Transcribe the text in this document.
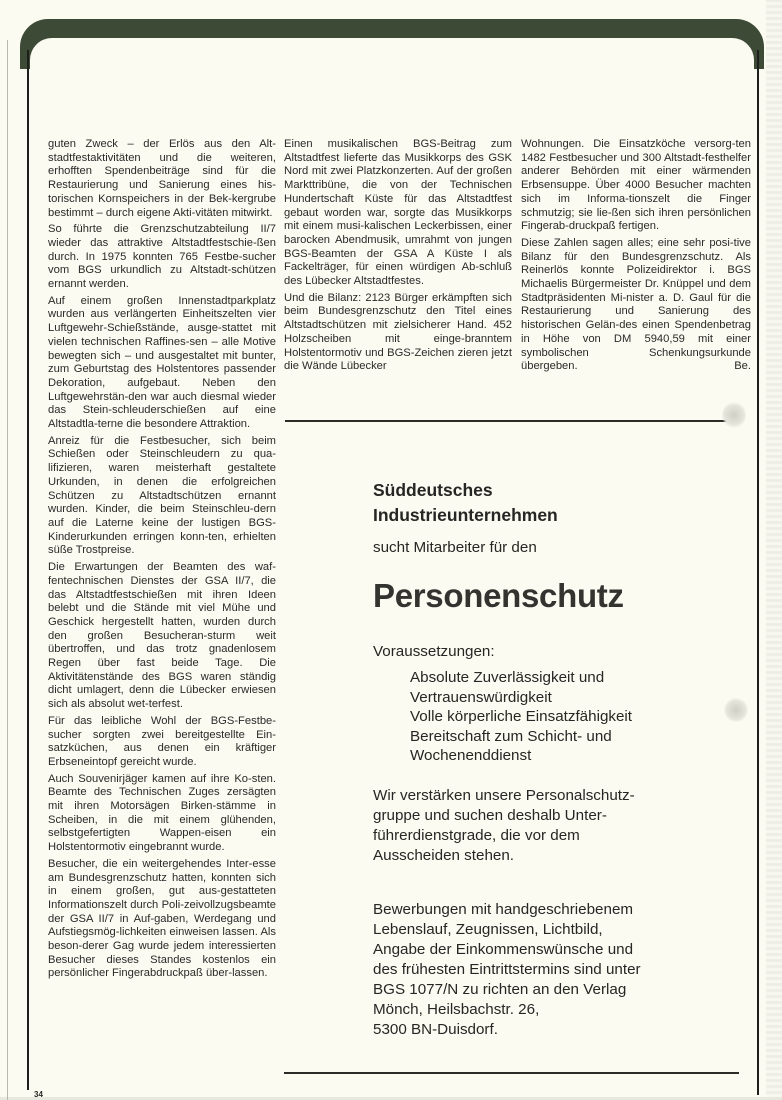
guten Zweck – der Erlös aus den Alt-stadtfestaktivitäten und die weiteren, erhofften Spendenbeiträge sind für die Restaurierung und Sanierung eines his-torischen Kornspeichers in der Bek-kergrube bestimmt – durch eigene Akti-vitäten mitwirkt.

So führte die Grenzschutzabteilung II/7 wieder das attraktive Altstadtfestschie-ßen durch. In 1975 konnten 765 Festbe-sucher vom BGS urkundlich zu Altstadt-schützen ernannt werden.

Auf einem großen Innenstadtparkplatz wurden aus verlängerten Einheitszelten vier Luftgewehr-Schießstände, ausge-stattet mit vielen technischen Raffines-sen – alle Motive bewegten sich – und ausgestaltet mit bunter, zum Geburtstag des Holstentores passender Dekoration, aufgebaut. Neben den Luftgewehrstän-den war auch diesmal wieder das Stein-schleuderschießen auf eine Altstadtla-terne die besondere Attraktion.

Anreiz für die Festbesucher, sich beim Schießen oder Steinschleudern zu qua-lifizieren, waren meisterhaft gestaltete Urkunden, in denen die erfolgreichen Schützen zu Altstadtschützen ernannt wurden. Kinder, die beim Steinschleu-dern auf die Laterne keine der lustigen BGS-Kinderurkunden erringen konn-ten, erhielten süße Trostpreise.

Die Erwartungen der Beamten des waf-fentechnischen Dienstes der GSA II/7, die das Altstadtfestschießen mit ihren Ideen belebt und die Stände mit viel Mühe und Geschick hergestellt hatten, wurden durch den großen Besucheran-sturm weit übertroffen, und das trotz gnadenlosem Regen über fast beide Tage. Die Aktivitätenstände des BGS waren ständig dicht umlagert, denn die Lübecker erwiesen sich als absolut wet-terfest.

Für das leibliche Wohl der BGS-Festbe-sucher sorgten zwei bereitgestellte Ein-satzküchen, aus denen ein kräftiger Erbseneintopf gereicht wurde.

Auch Souvenirjäger kamen auf ihre Ko-sten. Beamte des Technischen Zuges zersägten mit ihren Motorsägen Birken-stämme in Scheiben, in die mit einem glühenden, selbstgefertigten Wappen-eisen ein Holstentormotiv eingebrannt wurde.

Besucher, die ein weitergehendes Inter-esse am Bundesgrenzschutz hatten, konnten sich in einem großen, gut aus-gestatteten Informationszelt durch Poli-zeivollzugsbeamte der GSA II/7 in Auf-gaben, Werdegang und Aufstiegsmög-lichkeiten einweisen lassen. Als beson-derer Gag wurde jedem interessierten Besucher dieses Standes kostenlos ein persönlicher Fingerabdruckpaß über-lassen.

Einen musikalischen BGS-Beitrag zum Altstadtfest lieferte das Musikkorps des GSK Nord mit zwei Platzkonzerten. Auf der großen Markttribüne, die von der Technischen Hundertschaft Küste für das Altstadtfest gebaut worden war, sorgte das Musikkorps mit einem musi-kalischen Leckerbissen, einer barocken Abendmusik, umrahmt von jungen BGS-Beamten der GSA A Küste I als Fackelträger, für einen würdigen Ab-schluß des Lübecker Altstadtfestes.

Und die Bilanz: 2123 Bürger erkämpften sich beim Bundesgrenzschutz den Titel eines Altstadtschützen mit zielsicherer Hand. 452 Holzscheiben mit einge-branntem Holstentormotiv und BGS-Zeichen zieren jetzt die Wände Lübecker

Wohnungen. Die Einsatzköche versorg-ten 1482 Festbesucher und 300 Altstadt-festhelfer anderer Behörden mit einer wärmenden Erbsensuppe. Über 4000 Besucher machten sich im Informa-tionszelt die Finger schmutzig; sie lie-ßen sich ihren persönlichen Fingerab-druckpaß fertigen.

Diese Zahlen sagen alles; eine sehr posi-tive Bilanz für den Bundesgrenzschutz. Als Reinerlös konnte Polizeidirektor i. BGS Michaelis Bürgermeister Dr. Knüppel und dem Stadtpräsidenten Mi-nister a. D. Gaul für die Restaurierung und Sanierung des historischen Gelän-des einen Spendenbetrag in Höhe von DM 5940,59 mit einer symbolischen Schenkungsurkunde übergeben. Be.

34
Süddeutsches
Industrieunternehmen
sucht Mitarbeiter für den
Personenschutz
Voraussetzungen:
Absolute Zuverlässigkeit und
Vertrauenswürdigkeit
Volle körperliche Einsatzfähigkeit
Bereitschaft zum Schicht- und
Wochenenddienst
Wir verstärken unsere Personalschutz-
gruppe und suchen deshalb Unter-
führerdienstgrade, die vor dem
Ausscheiden stehen.
Bewerbungen mit handgeschriebenem
Lebenslauf, Zeugnissen, Lichtbild,
Angabe der Einkommenswünsche und
des frühesten Eintrittstermins sind unter
BGS 1077/N zu richten an den Verlag
Mönch, Heilsbachstr. 26,
5300 BN-Duisdorf.
